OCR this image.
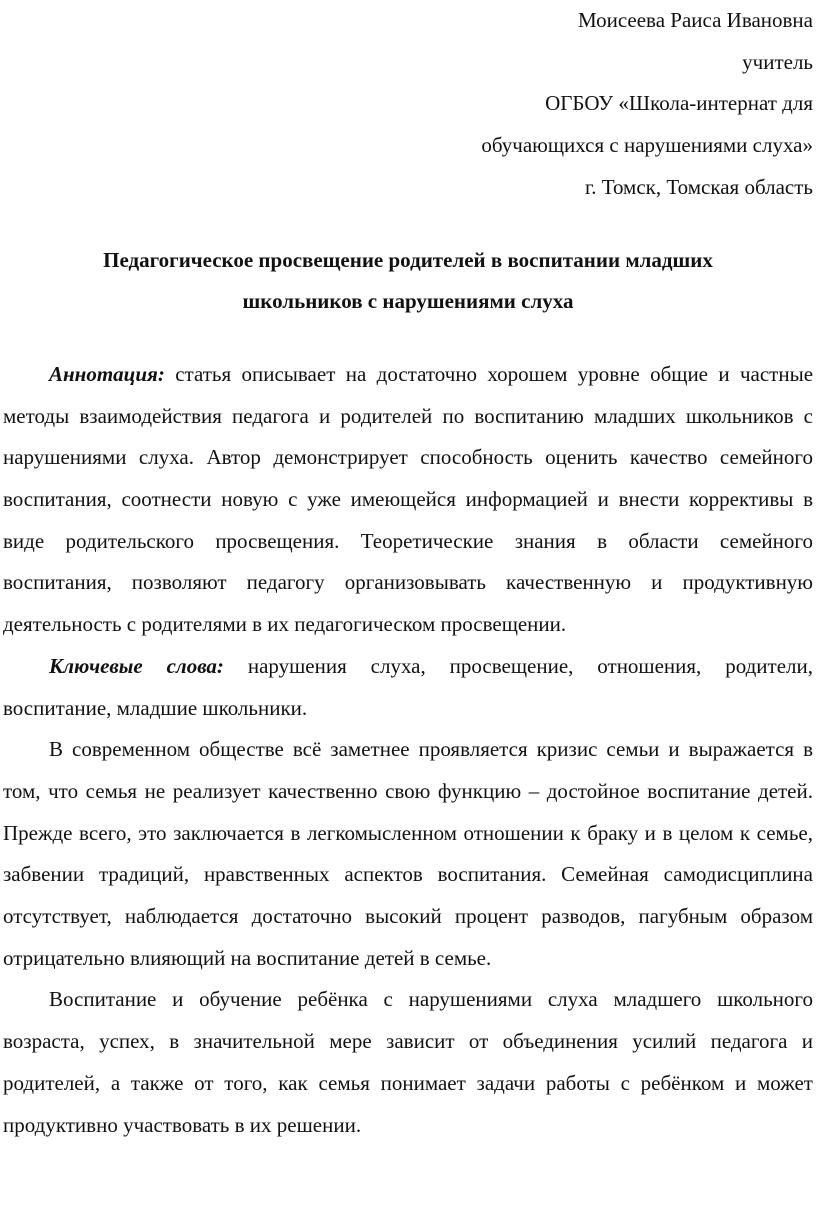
Моисеева Раиса Ивановна
учитель
ОГБОУ «Школа-интернат для
обучающихся с нарушениями слуха»
г. Томск, Томская область
Педагогическое просвещение родителей в воспитании младших
школьников с нарушениями слуха

Аннотация: статья описывает на достаточно хорошем уровне общие и частные методы взаимодействия педагога и родителей по воспитанию младших школьников с нарушениями слуха. Автор демонстрирует способность оценить качество семейного воспитания, соотнести новую с уже имеющейся информацией и внести коррективы в виде родительского просвещения. Теоретические знания в области семейного воспитания, позволяют педагогу организовывать качественную и продуктивную деятельность с родителями в их педагогическом просвещении.

Ключевые слова: нарушения слуха, просвещение, отношения, родители, воспитание, младшие школьники.

В современном обществе всё заметнее проявляется кризис семьи и выражается в том, что семья не реализует качественно свою функцию – достойное воспитание детей. Прежде всего, это заключается в легкомысленном отношении к браку и в целом к семье, забвении традиций, нравственных аспектов воспитания. Семейная самодисциплина отсутствует, наблюдается достаточно высокий процент разводов, пагубным образом отрицательно влияющий на воспитание детей в семье.

Воспитание и обучение ребёнка с нарушениями слуха младшего школьного возраста, успех, в значительной мере зависит от объединения усилий педагога и родителей, а также от того, как семья понимает задачи работы с ребёнком и может продуктивно участвовать в их решении.
